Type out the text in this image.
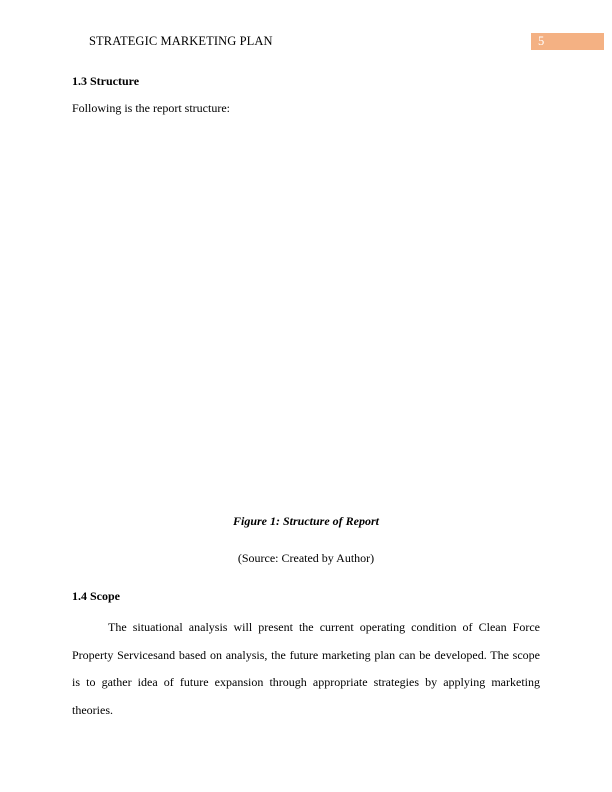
STRATEGIC MARKETING PLAN	5
1.3 Structure
Following is the report structure:
Figure 1: Structure of Report
(Source: Created by Author)
1.4 Scope
The situational analysis will present the current operating condition of Clean Force
Property Servicesand based on analysis, the future marketing plan can be developed. The scope
is to gather idea of future expansion through appropriate strategies by applying marketing
theories.
